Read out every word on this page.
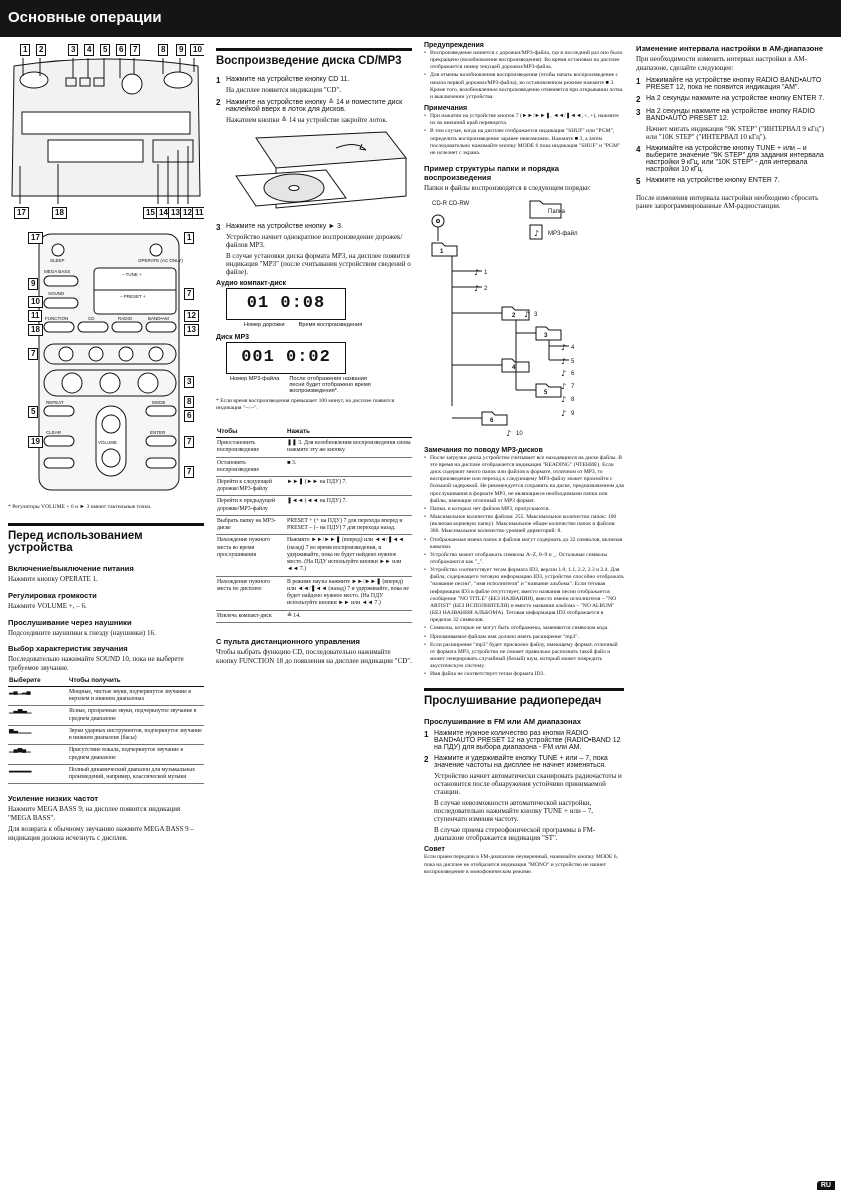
Основные операции
1	2	3	4	5	6	7	8	9	10
17	18	15 14 13 12 11
SLEEP	OPERATE (AC ONLY)
MEGA BASS
– TUNE +
SOUND
– PRESET +
FUNCTION	CD	RADIO	BAND•AM
REPEAT	MODE
VOLUME
CLEAR	ENTER
17	1
9
7
10
11	12
18	13
7
3
8
5	6
19	7
7

* Регуляторы VOLUME + 6 и ► 3 имеют тактильные точки.

Перед использованием устройства
Включение/выключение питания

Нажмите кнопку OPERATE 1.

Регулировка громкости

Нажмите VOLUME +, – 6.

Прослушивание через наушники

Подсоедините наушники к гнезду (наушники) 16.

Выбор характеристик звучания

Последовательно нажимайте SOUND 10, пока не выберете требуемое звучание.

Выберите	Чтобы получить
▂▄▁▂▄	Мощные, чистые звуки, подчеркнутое звучание в верхнем и нижнем диапазонах
▁▃▅▃▁	Ясные, прозрачные звуки, подчеркнутое звучание в среднем диапазоне
▅▃▁▁▁	Звуки ударных инструментов, подчеркнутое звучание в нижнем диапазоне (басы)
▁▄▅▄▁	Присутствие вокала, подчеркнутое звучание в среднем диапазоне
▂▂▂▂▂	Полный динамический диапазон для музыкальных произведений, например, классической музыки
Усиление низких частот

Нажмите MEGA BASS 9; на дисплее появится индикация "MEGA BASS".

Для возврата к обычному звучанию нажмите MEGA BASS 9 – индикация должна исчезнуть с дисплея.

Воспроизведение диска CD/MP3
1 Нажмите на устройстве кнопку CD 11.
На дисплее появится индикация "CD".
2 Нажмите на устройстве кнопку ≙ 14 и поместите диск наклейкой вверх в лоток для дисков.
Нажатием кнопки ≙ 14 на устройстве закройте лоток.
3 Нажмите на устройстве кнопку ► 3.
Устройство начнет однократное воспроизведение дорожек/файлов MP3.
В случае установки диска формата MP3, на дисплее появится индикация "MP3" (после считывания устройством сведений о файле).
Аудио компакт-диск
01 0:08
Номер дорожки	Время воспроизведения
Диск MP3
001 0:02
Номер MP3-файла После отображения названия песни будет отображено время воспроизведения*.

* Если время воспроизведения превышает 100 минут, на дисплее появится индикация "--:--".

Чтобы	Нажать
Приостановить воспроизведение	❚❚ 3. Для возобновления воспроизведения снова нажмите эту же кнопку.
Остановить воспроизведение	■ 3.
Перейти к следующей дорожке/MP3-файлу	►►❚ (►► на ПДУ) 7.
Перейти к предыдущей дорожке/MP3-файлу	❚◄◄ (◄◄ на ПДУ) 7.
Выбрать папку на MP3-диске	PRESET + (+ на ПДУ) 7 для перехода вперед и PRESET – (– на ПДУ) 7 для перехода назад.
Нахождение нужного места во время прослушивания	Нажмите ►►/►►❚ (вперед) или ◄◄/❚◄◄ (назад) 7 во время воспроизведения, и удерживайте, пока не будет найдено нужное место. (На ПДУ используйте кнопки ►► или ◄◄ 7.)
Нахождение нужного места по дисплею	В режиме паузы нажмите ►►/►►❚ (вперед) или ◄◄/❚◄◄ (назад) 7 и удерживайте, пока не будет найдено нужное место. (На ПДУ используйте кнопки ►► или ◄◄ 7.)
Извлечь компакт-диск	≙ 14.
С пульта дистанционного управления

Чтобы выбрать функцию CD, последовательно нажимайте кнопку FUNCTION 18 до появления на дисплее индикации "CD".

Предупреждения
• Воспроизведение начнется с дорожки/MP3-файла, где в последний раз оно было прекращено (возобновление воспроизведения). Во время остановки на дисплее отображается номер текущей дорожки/MP3-файла.
• Для отмены возобновления воспроизведения (чтобы начать воспроизведение с начала первой дорожки/MP3-файла), во остановленном режиме нажмите ■ 3. Кроме того, возобновленное воспроизведение отменяется при открывании лотка и выключении устройства.
Примечания
• При нажатии на устройстве кнопок 7 (►►/►►❚, ◄◄/❚◄◄, +, +), нажмите их во внешний край переворота.
• В том случае, когда на дисплее отображается индикация "SHUF" или "PGM", определить воспроизведение заранее невозможно. Нажмите ■ 3, а затем последовательно нажимайте кнопку MODE 6 пока индикация "SHUF" и "PGM" не исчезнет с экрана.
Пример структуры папки и порядка воспроизведения

Папки и файлы воспроизводятся в следующем порядке:

CD-R CD-RW
Папка
MP3-файл
1
2
3
4
5
6
1
2
3
4
5
6
7
8
9
10
♪
♪
♪
♪
♪
♪
♪
♪
♪
♪
♪
Замечания по поводу MP3-дисков
• После загрузки диска устройство считывает все находящиеся на диске файлы. В это время на дисплее отображается индикация "READING" (ЧТЕНИЕ). Если диск содержит много папок или файлов в формате, отличном от MP3, то воспроизведение или переход к следующему MP3-файлу может произойти с большой задержкой. Не рекомендуется сохранять на диске, предназначенном для прослушивания в формате MP3, не являющиеся необходимыми папки или файлы, имеющие отличный от MP3 формат.
• Папки, в которых нет файлов MP3, пропускаются.
• Максимальное количество файлов: 255. Максимальное количество папок: 100 (включая корневую папку). Максимальное общее количество папок и файлов: 300. Максимальное количество уровней директорий: 8.
• Отображаемые имена папок и файлов могут содержать до 32 символов, включая кавычки.
• Устройство может отображать символы A–Z, 0–9 и _. Остальные символы отображаются как "_".
• Устройство соответствует тегам формата ID3, версии 1.0, 1.1, 2.2, 2.3 и 2.4. Для файла, содержащего теговую информацию ID3, устройство способно отображать "название песни", "имя исполнителя" и "название альбома". Если теговая информация ID3 в файле отсутствует, вместо названия песни отображается сообщение "NO TITLE" (БЕЗ НАЗВАНИЯ), вместо имени исполнителя – "NO ARTIST" (БЕЗ ИСПОЛНИТЕЛЯ) и вместо названия альбома – "NO ALBUM" (БЕЗ НАЗВАНИЯ АЛЬБОМА). Теговая информация ID3 отображается в пределах 32 символов.
• Символы, которые не могут быть отображены, заменяются символом кода.
• Присваиваемое файлам имя должно иметь расширение "mp3".
• Если расширение "mp3" будет присвоено файлу, имеющему формат, отличный от формата MP3, устройство не сможет правильно распознать такой файл и может генерировать случайный (белый) шум, который может повредить акустическую систему.
• Имя файла не соответствует тегам формата ID3.
Прослушивание радиопередач
Прослушивание в FM или AM диапазонах
1 Нажмите нужное количество раз кнопки RADIO BAND•AUTO PRESET 12 на устройстве (RADIO•BAND 12 на ПДУ) для выбора диапазона - FM или AM.
2 Нажмите и удерживайте кнопку TUNE + или – 7, пока значение частоты на дисплее не начнет изменяться.
Устройство начнет автоматически сканировать радиочастоты и остановится после обнаружения устойчиво принимаемой станции.
В случае невозможности автоматической настройки, последовательно нажимайте кнопку TUNE + или – 7, ступенчато изменяя частоту.
В случае приема стереофонической программы в FM-диапазоне отображается индикация "ST".
Совет

Если прием передачи в FM-диапазоне неуверенный, нажимайте кнопку MODE 6, пока на дисплее не отобразится индикация "MONO" и устройство не начнет воспроизведение в монофоническом режиме.

Изменение интервала настройки в AM-диапазоне

При необходимости изменить интервал настройки в AM-диапазоне, сделайте следующее:

1 Нажимайте на устройстве кнопку RADIO BAND•AUTO PRESET 12, пока не появится индикация "AM".
2 На 2 секунды нажмите на устройстве кнопку ENTER 7.
3 На 2 секунды нажмите на устройстве кнопку RADIO BAND•AUTO PRESET 12.
Начнет мигать индикация "9K STEP" ("ИНТЕРВАЛ 9 кГц") или "10K STEP" ("ИНТЕРВАЛ 10 кГц").
4 Нажимайте на устройстве кнопку TUNE + или – и выберите значение "9K STEP" для задания интервала настройки 9 кГц, или "10K STEP" - для интервала настройки 10 кГц.
5 Нажмите на устройстве кнопку ENTER 7.

После изменения интервала настройки необходимо сбросить ранее запрограммированные AM-радиостанции.

RU
